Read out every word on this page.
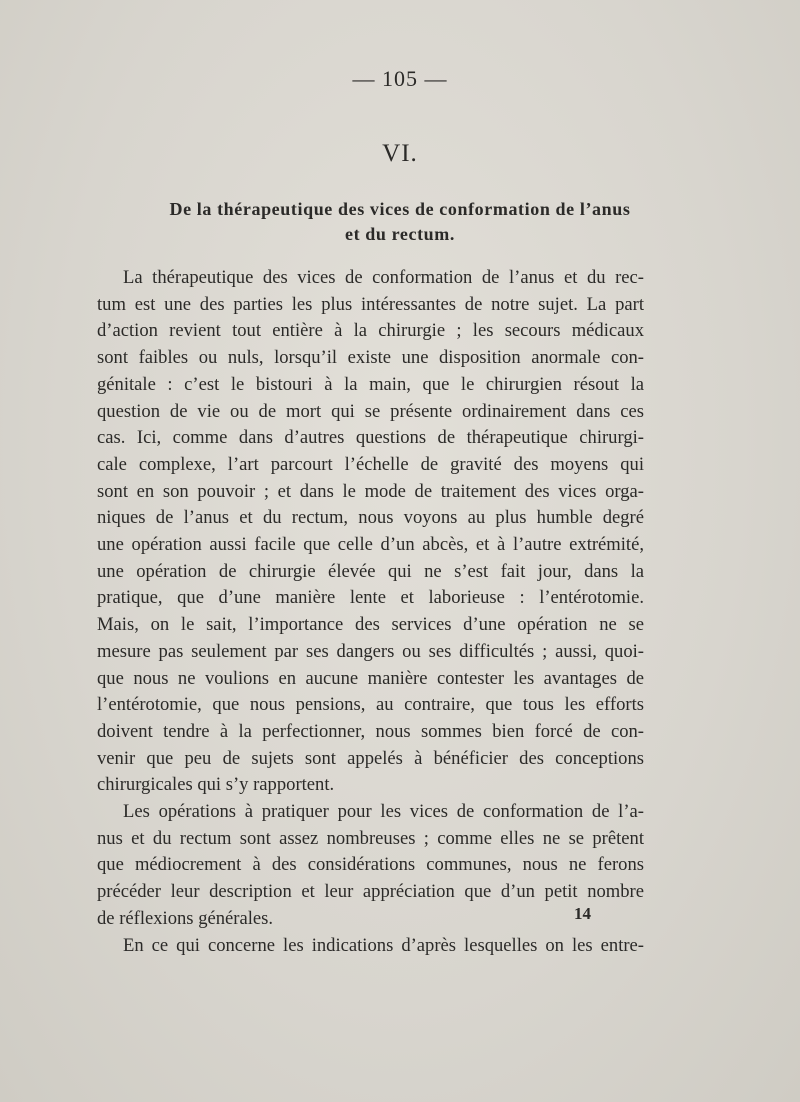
— 105 —
VI.
De la thérapeutique des vices de conformation de l’anus
et du rectum.

La thérapeutique des vices de conformation de l’anus et du rec-
tum est une des parties les plus intéressantes de notre sujet. La part
d’action revient tout entière à la chirurgie ; les secours médicaux
sont faibles ou nuls, lorsqu’il existe une disposition anormale con-
génitale : c’est le bistouri à la main, que le chirurgien résout la
question de vie ou de mort qui se présente ordinairement dans ces
cas. Ici, comme dans d’autres questions de thérapeutique chirurgi-
cale complexe, l’art parcourt l’échelle de gravité des moyens qui
sont en son pouvoir ; et dans le mode de traitement des vices orga-
niques de l’anus et du rectum, nous voyons au plus humble degré
une opération aussi facile que celle d’un abcès, et à l’autre extrémité,
une opération de chirurgie élevée qui ne s’est fait jour, dans la
pratique, que d’une manière lente et laborieuse : l’entérotomie.
Mais, on le sait, l’importance des services d’une opération ne se
mesure pas seulement par ses dangers ou ses difficultés ; aussi, quoi-
que nous ne voulions en aucune manière contester les avantages de
l’entérotomie, que nous pensions, au contraire, que tous les efforts
doivent tendre à la perfectionner, nous sommes bien forcé de con-
venir que peu de sujets sont appelés à bénéficier des conceptions
chirurgicales qui s’y rapportent.

Les opérations à pratiquer pour les vices de conformation de l’a-
nus et du rectum sont assez nombreuses ; comme elles ne se prêtent
que médiocrement à des considérations communes, nous ne ferons
précéder leur description et leur appréciation que d’un petit nombre
de réflexions générales.

En ce qui concerne les indications d’après lesquelles on les entre-

14
